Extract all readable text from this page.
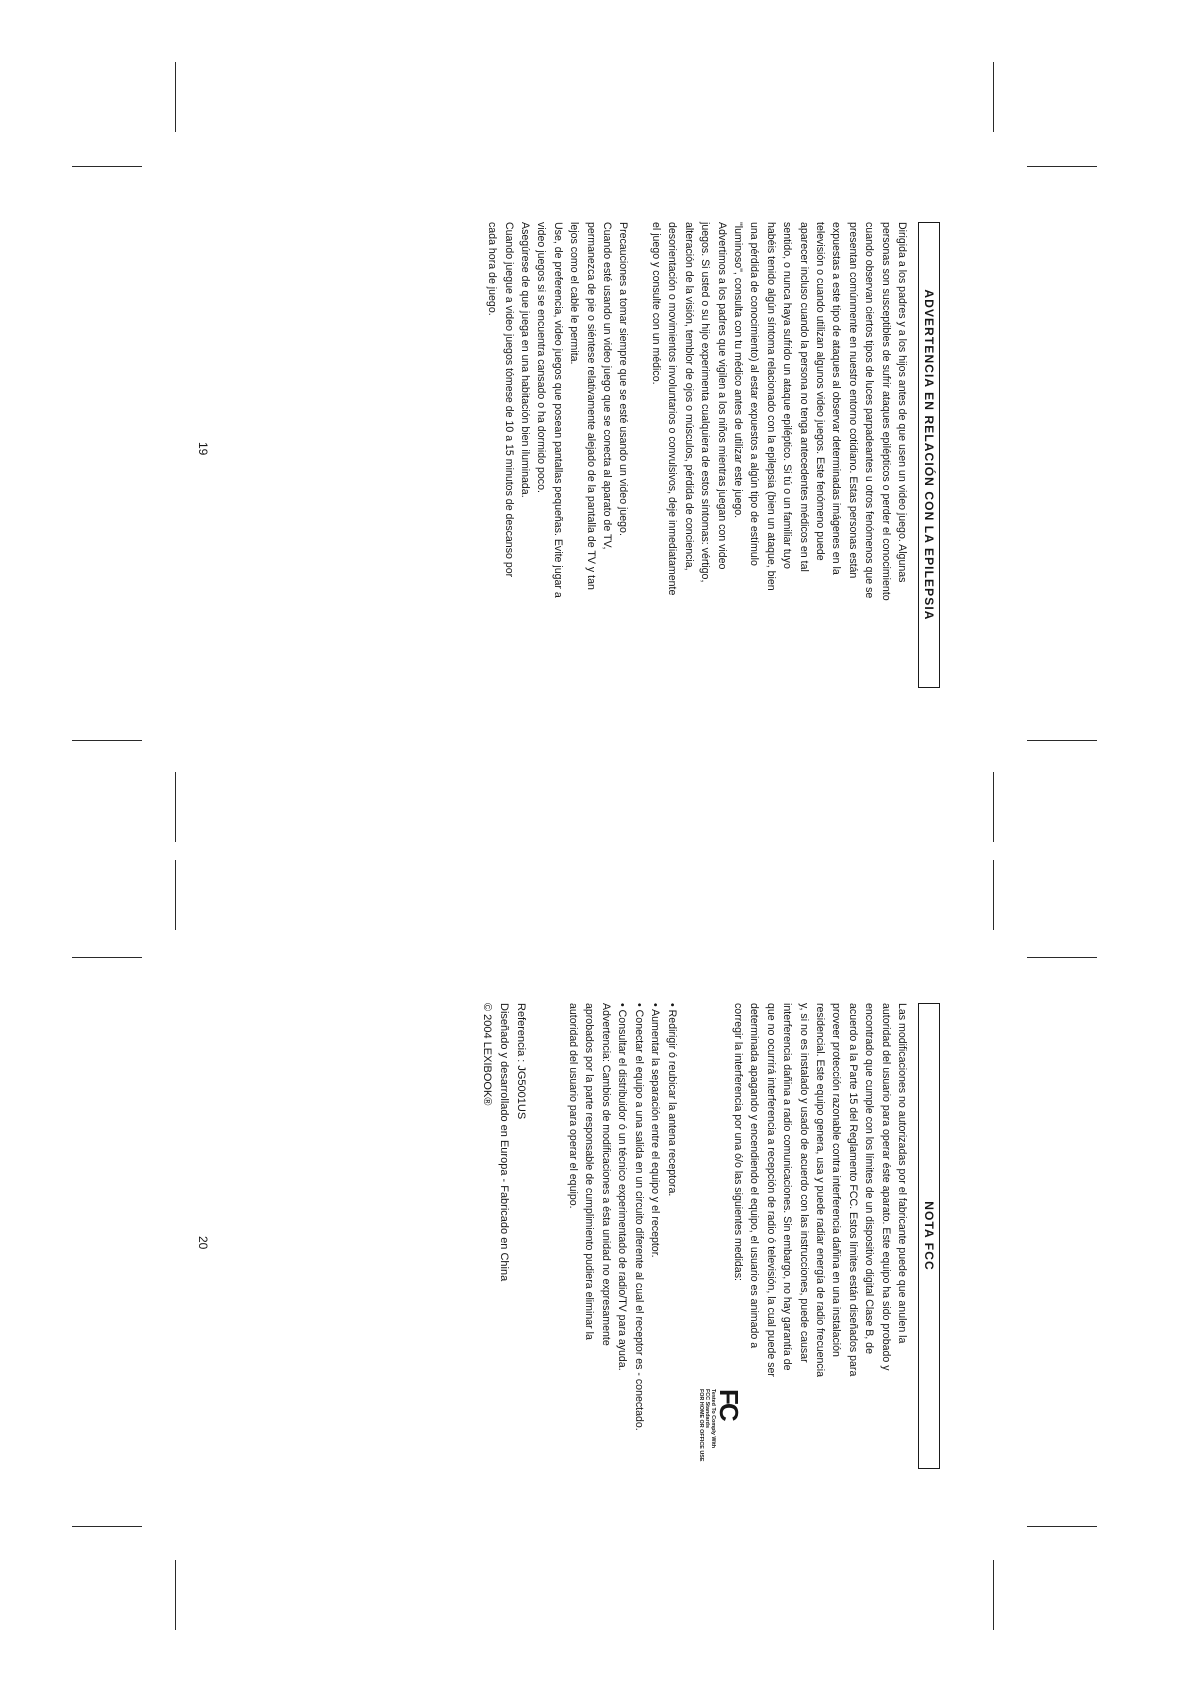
ADVERTENCIA EN RELACIÓN CON LA EPILEPSIA

Dirigida a los padres y a los hijos antes de que usen un video juego. Algunas

personas son susceptibles de sufrir ataques epilépticos o perder el conocimiento

cuando observan ciertos tipos de luces parpadeantes u otros fenómenos que se

presentan comúnmente en nuestro entorno cotidiano. Estas personas están

expuestas a este tipo de ataques al observar determinadas imágenes en la

televisión o cuando utilizan algunos video juegos. Este fenómeno puede

aparecer incluso cuando la persona no tenga antecedentes médicos en tal

sentido, o nunca haya sufrido un ataque epiléptico. Si tú o un familiar tuyo

habéis tenido algún síntoma relacionado con la epilepsia (bien un ataque, bien

una pérdida de conocimiento) al estar expuestos a algún tipo de estímulo

"luminoso", consulta con tu médico antes de utilizar este juego.

Advertimos a los padres que vigilen a los niños mientras juegan con video

juegos. Si usted o su hijo experimenta cualquiera de estos síntomas: vértigo,

alteración de la visión, temblor de ojos o músculos, pérdida de conciencia,

desorientación o movimientos involuntarios o convulsivos, deje inmediatamente

el juego y consulte con un médico.

Precauciones a tomar siempre que se esté usando un video juego.

Cuando esté usando un video juego que se conecta al aparato de TV,

permanezca de pie o siéntese relativamente alejado de la pantalla de TV y tan

lejos como el cable le permita.

Use, de preferencia, video juegos que posean pantallas pequeñas. Evite jugar a

video juegos si se encuentra cansado o ha dormido poco.

Asegúrese de que juega en una habitación bien iluminada.

Cuando juegue a video juegos tómese de 10 a 15 minutos de descanso por

cada hora de juego.

19
NOTA FCC

Las modificaciones no autorizadas por el fabricante puede que anulen la

autoridad del usuario para operar éste aparato. Este equipo ha sido probado y

encontrado que cumple con los límites de un dispositivo digital Clase B, de

acuerdo a la Parte 15 del Reglamento FCC. Estos límites están diseñados para

proveer protección razonable contra interferencia dañina en una instalación

residencial. Este equipo genera, usa y puede radiar energía de radio frecuencia

y, si no es instalado y usado de acuerdo con las instrucciones, puede causar

interferencia dañina a radio comunicaciones. Sin embargo, no hay garantía de

que no ocurrirá interferencia a recepción de radio ó televisión, la cual puede ser

determinada apagando y encendiendo el equipo, el usuario es animado a

corregir la interferencia por una ó/o las siguientes medidas:

FC
Tested To Comply With
FCC Standards
FOR HOME OR OFFICE USE

• Redirigir ó reubicar la antena receptora.

• Aumentar la separación entre el equipo y el receptor.

• Conectar el equipo a una salida en un circuito diferente al cual el receptor es - conectado.

• Consultar el distribuidor ó un técnico experimentado de radio/TV para ayuda.

Advertencia: Cambios de modificaciones a ésta unidad no expresamente

aprobados por la parte responsable de cumplimiento pudiera eliminar la

autoridad del usuario para operar el equipo.

Referencia : JG5001US
Diseñado y desarrollado en Europa - Fabricado en China
© 2004 LEXIBOOK®
20
